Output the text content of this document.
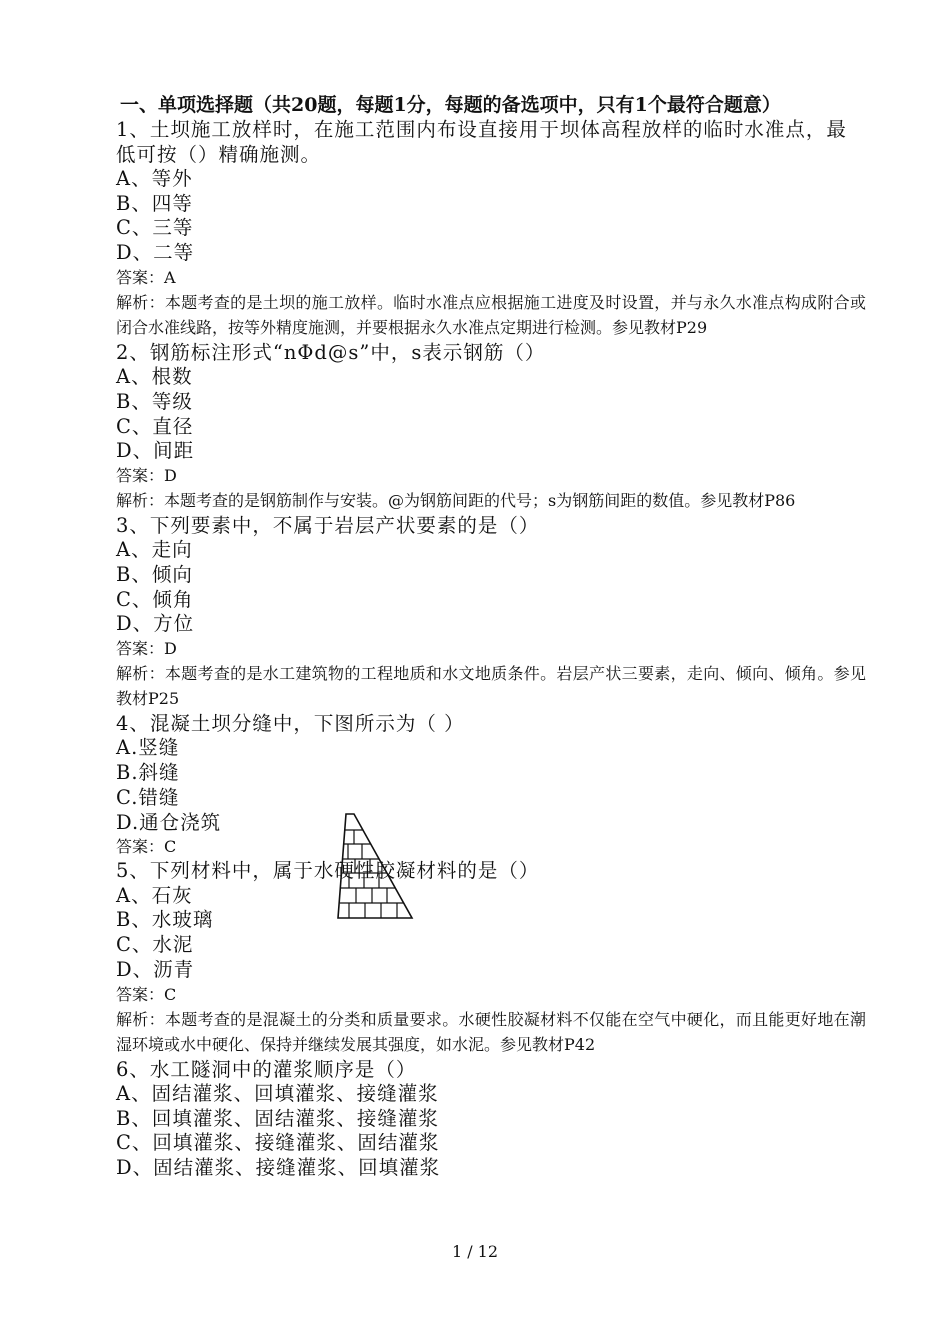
一、单项选择题（共20题，每题1分，每题的备选项中，只有1个最符合题意）
1、土坝施工放样时，在施工范围内布设直接用于坝体高程放样的临时水准点，最低可按（）精确施测。
A、等外
B、四等
C、三等
D、二等
答案：A
解析：本题考查的是土坝的施工放样。临时水准点应根据施工进度及时设置，并与永久水准点构成附合或闭合水准线路，按等外精度施测，并要根据永久水准点定期进行检测。参见教材P29
2、钢筋标注形式“nΦd@s”中，s表示钢筋（）
A、根数
B、等级
C、直径
D、间距
答案：D
解析：本题考查的是钢筋制作与安装。@为钢筋间距的代号；s为钢筋间距的数值。参见教材P86
3、下列要素中，不属于岩层产状要素的是（）
A、走向
B、倾向
C、倾角
D、方位
答案：D
解析：本题考查的是水工建筑物的工程地质和水文地质条件。岩层产状三要素，走向、倾向、倾角。参见教材P25
4、混凝土坝分缝中，下图所示为（ ）
A.竖缝
B.斜缝
C.错缝
D.通仓浇筑
答案：C
5、下列材料中，属于水硬性胶凝材料的是（）
A、石灰
B、水玻璃
C、水泥
D、沥青
答案：C
解析：本题考查的是混凝土的分类和质量要求。水硬性胶凝材料不仅能在空气中硬化，而且能更好地在潮湿环境或水中硬化、保持并继续发展其强度，如水泥。参见教材P42
6、水工隧洞中的灌浆顺序是（）
A、固结灌浆、回填灌浆、接缝灌浆
B、回填灌浆、固结灌浆、接缝灌浆
C、回填灌浆、接缝灌浆、固结灌浆
D、固结灌浆、接缝灌浆、回填灌浆
1 / 12
